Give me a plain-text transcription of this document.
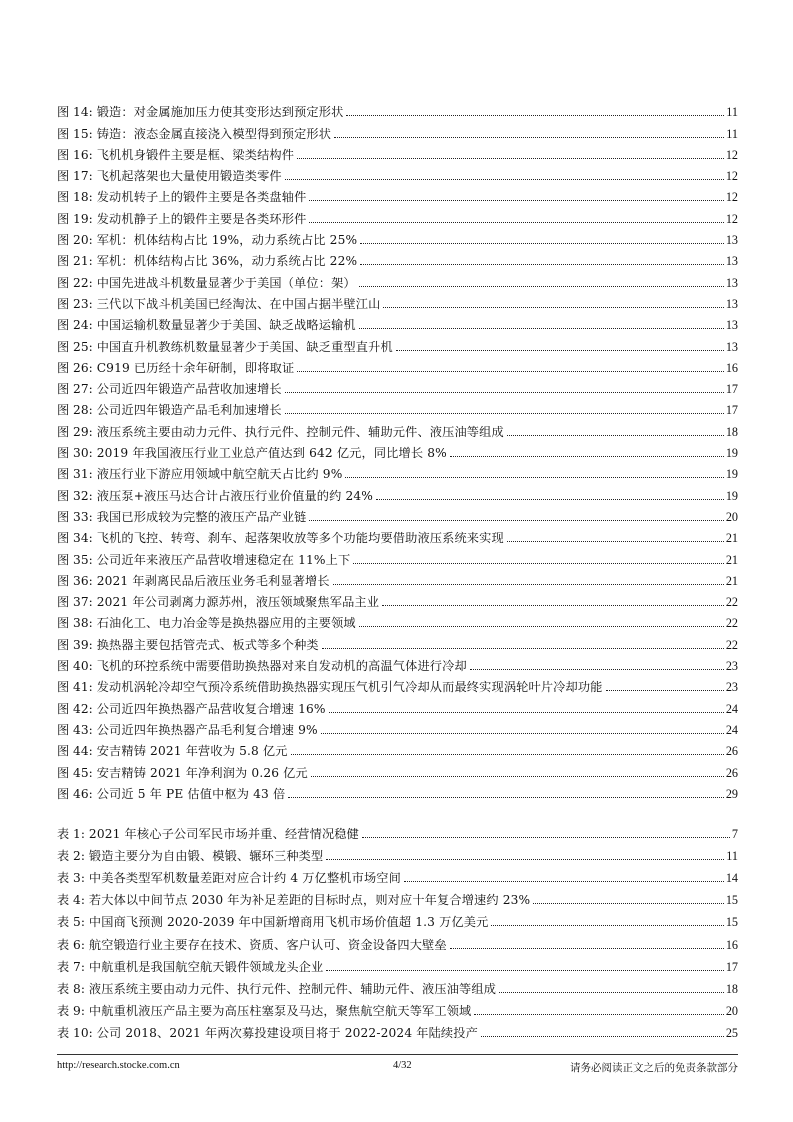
图 14: 锻造：对金属施加压力使其变形达到预定形状	11
图 15: 铸造：液态金属直接浇入模型得到预定形状	11
图 16: 飞机机身锻件主要是框、梁类结构件	12
图 17: 飞机起落架也大量使用锻造类零件	12
图 18: 发动机转子上的锻件主要是各类盘轴件	12
图 19: 发动机静子上的锻件主要是各类环形件	12
图 20: 军机：机体结构占比 19%，动力系统占比 25%	13
图 21: 军机：机体结构占比 36%，动力系统占比 22%	13
图 22: 中国先进战斗机数量显著少于美国（单位：架）	13
图 23: 三代以下战斗机美国已经淘汰、在中国占据半壁江山	13
图 24: 中国运输机数量显著少于美国、缺乏战略运输机	13
图 25: 中国直升机教练机数量显著少于美国、缺乏重型直升机	13
图 26: C919 已历经十余年研制，即将取证	16
图 27: 公司近四年锻造产品营收加速增长	17
图 28: 公司近四年锻造产品毛利加速增长	17
图 29: 液压系统主要由动力元件、执行元件、控制元件、辅助元件、液压油等组成	18
图 30: 2019 年我国液压行业工业总产值达到 642 亿元，同比增长 8%	19
图 31: 液压行业下游应用领域中航空航天占比约 9%	19
图 32: 液压泵+液压马达合计占液压行业价值量的约 24%	19
图 33: 我国已形成较为完整的液压产品产业链	20
图 34: 飞机的飞控、转弯、刹车、起落架收放等多个功能均要借助液压系统来实现	21
图 35: 公司近年来液压产品营收增速稳定在 11%上下	21
图 36: 2021 年剥离民品后液压业务毛利显著增长	21
图 37: 2021 年公司剥离力源苏州，液压领域聚焦军品主业	22
图 38: 石油化工、电力冶金等是换热器应用的主要领域	22
图 39: 换热器主要包括管壳式、板式等多个种类	22
图 40: 飞机的环控系统中需要借助换热器对来自发动机的高温气体进行冷却	23
图 41: 发动机涡轮冷却空气预冷系统借助换热器实现压气机引气冷却从而最终实现涡轮叶片冷却功能	23
图 42: 公司近四年换热器产品营收复合增速 16%	24
图 43: 公司近四年换热器产品毛利复合增速 9%	24
图 44: 安吉精铸 2021 年营收为 5.8 亿元	26
图 45: 安吉精铸 2021 年净利润为 0.26 亿元	26
图 46: 公司近 5 年 PE 估值中枢为 43 倍	29
表 1: 2021 年核心子公司军民市场并重、经营情况稳健	7
表 2: 锻造主要分为自由锻、模锻、辗环三种类型	11
表 3: 中美各类型军机数量差距对应合计约 4 万亿整机市场空间	14
表 4: 若大体以中间节点 2030 年为补足差距的目标时点，则对应十年复合增速约 23%	15
表 5: 中国商飞预测 2020-2039 年中国新增商用飞机市场价值超 1.3 万亿美元	15
表 6: 航空锻造行业主要存在技术、资质、客户认可、资金设备四大壁垒	16
表 7: 中航重机是我国航空航天锻件领域龙头企业	17
表 8: 液压系统主要由动力元件、执行元件、控制元件、辅助元件、液压油等组成	18
表 9: 中航重机液压产品主要为高压柱塞泵及马达，聚焦航空航天等军工领域	20
表 10: 公司 2018、2021 年两次募投建设项目将于 2022-2024 年陆续投产	25
http://research.stocke.com.cn	4/32	请务必阅读正文之后的免责条款部分
